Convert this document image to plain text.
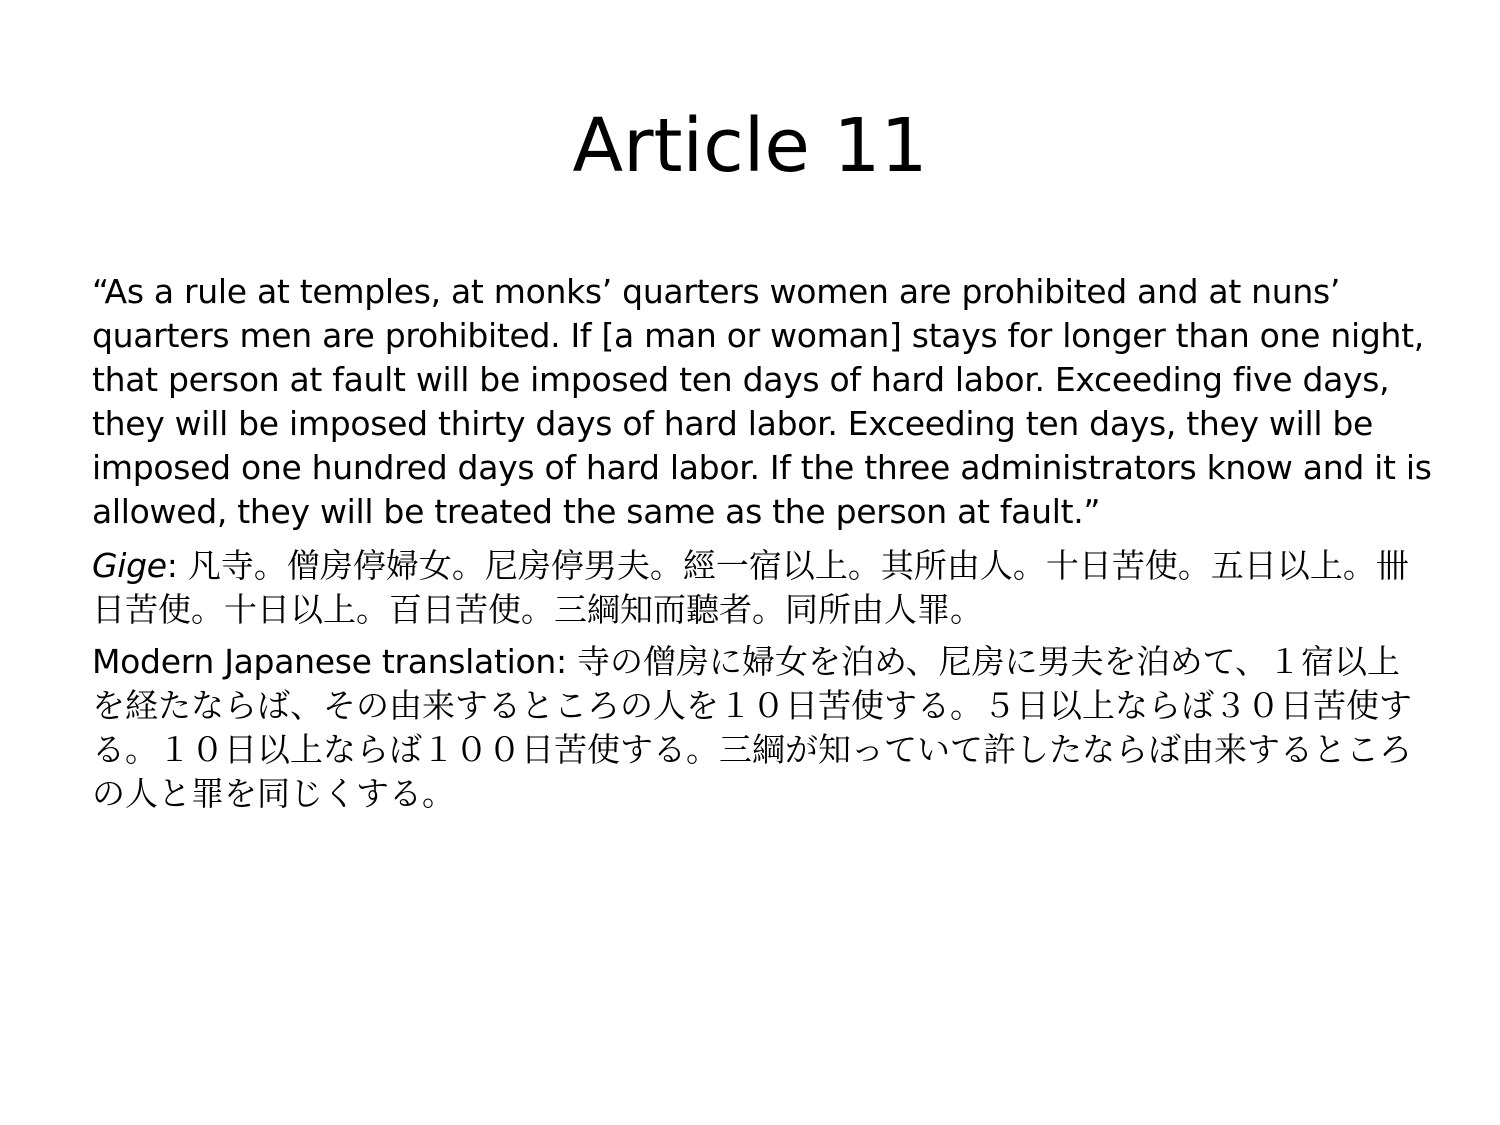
Article 11

“As a rule at temples, at monks’ quarters women are prohibited and at nuns’ quarters men are prohibited. If [a man or woman] stays for longer than one night, that person at fault will be imposed ten days of hard labor. Exceeding five days, they will be imposed thirty days of hard labor. Exceeding ten days, they will be imposed one hundred days of hard labor. If the three administrators know and it is allowed, they will be treated the same as the person at fault.”

Gige: 凡寺。僧房停婦女。尼房停男夫。經一宿以上。其所由人。十日苦使。五日以上。卌日苦使。十日以上。百日苦使。三綱知而聽者。同所由人罪。

Modern Japanese translation: 寺の僧房に婦女を泊め、尼房に男夫を泊めて、１宿以上を経たならば、その由来するところの人を１０日苦使する。５日以上ならば３０日苦使する。１０日以上ならば１００日苦使する。三綱が知っていて許したならば由来するところの人と罪を同じくする。
